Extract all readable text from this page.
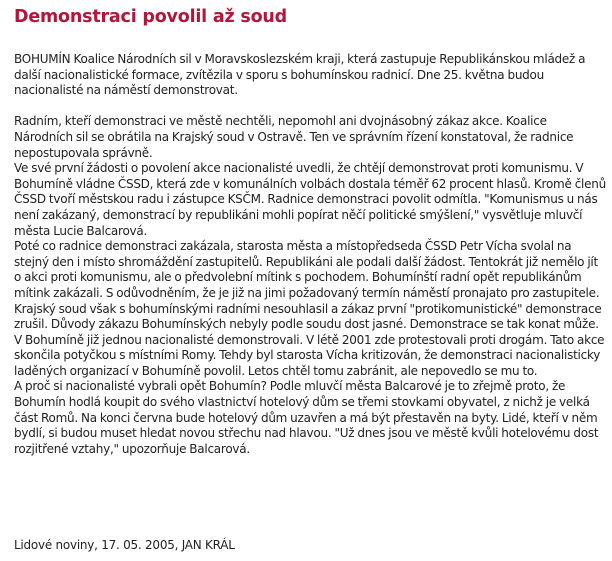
Demonstraci povolil až soud

BOHUMÍN Koalice Národních sil v Moravskoslezském kraji, která zastupuje Republikánskou mládež a další nacionalistické formace, zvítězila v sporu s bohumínskou radnicí. Dne 25. května budou nacionalisté na náměstí demonstrovat.

Radním, kteří demonstraci ve městě nechtěli, nepomohl ani dvojnásobný zákaz akce. Koalice Národních sil se obrátila na Krajský soud v Ostravě. Ten ve správním řízení konstatoval, že radnice nepostupovala správně.

Ve své první žádosti o povolení akce nacionalisté uvedli, že chtějí demonstrovat proti komunismu. V Bohumíně vládne ČSSD, která zde v komunálních volbách dostala téměř 62 procent hlasů. Kromě členů ČSSD tvoří městskou radu i zástupce KSČM. Radnice demonstraci povolit odmítla. "Komunismus u nás není zakázaný, demonstrací by republikáni mohli popírat něčí politické smýšlení," vysvětluje mluvčí města Lucie Balcarová.

Poté co radnice demonstraci zakázala, starosta města a místopředseda ČSSD Petr Vícha svolal na stejný den i místo shromáždění zastupitelů. Republikáni ale podali další žádost. Tentokrát již nemělo jít o akci proti komunismu, ale o předvolební mítink s pochodem. Bohumínští radní opět republikánům mítink zakázali. S odůvodněním, že je již na jimi požadovaný termín náměstí pronajato pro zastupitele.

Krajský soud však s bohumínskými radními nesouhlasil a zákaz první "protikomunistické" demonstrace zrušil. Důvody zákazu Bohumínských nebyly podle soudu dost jasné. Demonstrace se tak konat může.

V Bohumíně již jednou nacionalisté demonstrovali. V létě 2001 zde protestovali proti drogám. Tato akce skončila potyčkou s místními Romy. Tehdy byl starosta Vícha kritizován, že demonstraci nacionalisticky laděných organizací v Bohumíně povolil. Letos chtěl tomu zabránit, ale nepovedlo se mu to.

A proč si nacionalisté vybrali opět Bohumín? Podle mluvčí města Balcarové je to zřejmě proto, že Bohumín hodlá koupit do svého vlastnictví hotelový dům se třemi stovkami obyvatel, z nichž je velká část Romů. Na konci června bude hotelový dům uzavřen a má být přestavěn na byty. Lidé, kteří v něm bydlí, si budou muset hledat novou střechu nad hlavou. "Už dnes jsou ve městě kvůli hotelovému dost rozjitřené vztahy," upozorňuje Balcarová.

Lidové noviny, 17. 05. 2005, JAN KRÁL
